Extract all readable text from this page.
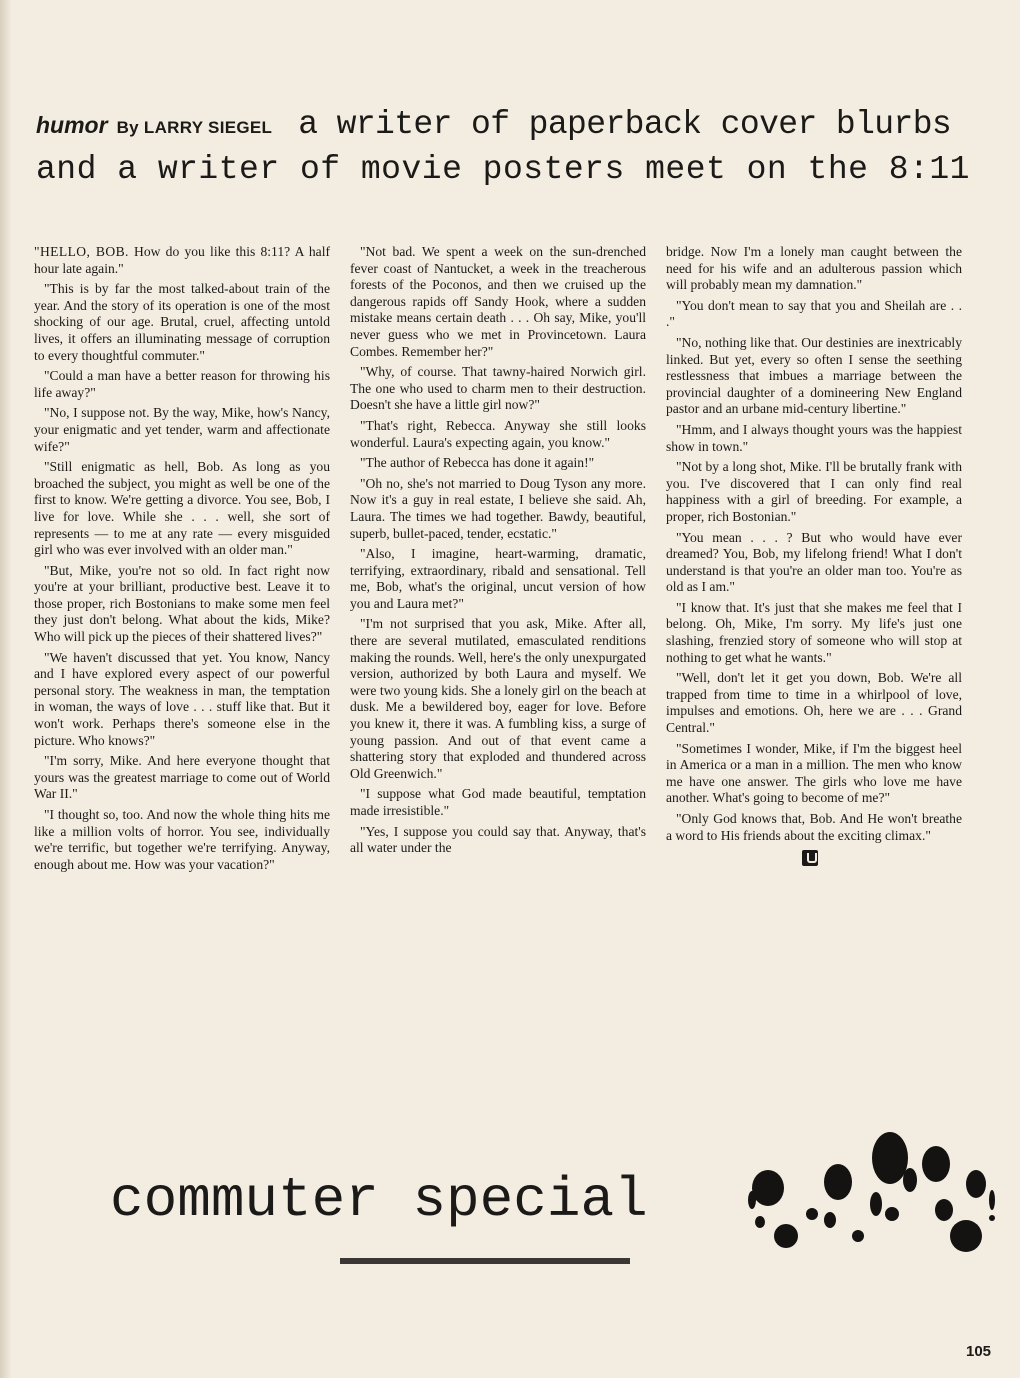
humor By LARRY SIEGEL a writer of paperback cover blurbs
and a writer of movie posters meet on the 8:11

"HELLO, BOB. How do you like this 8:11? A half hour late again."

"This is by far the most talked-about train of the year. And the story of its operation is one of the most shocking of our age. Brutal, cruel, affecting untold lives, it offers an illuminating message of corruption to every thoughtful commuter."

"Could a man have a better reason for throwing his life away?"

"No, I suppose not. By the way, Mike, how's Nancy, your enigmatic and yet tender, warm and affectionate wife?"

"Still enigmatic as hell, Bob. As long as you broached the subject, you might as well be one of the first to know. We're getting a divorce. You see, Bob, I live for love. While she . . . well, she sort of represents — to me at any rate — every misguided girl who was ever involved with an older man."

"But, Mike, you're not so old. In fact right now you're at your brilliant, productive best. Leave it to those proper, rich Bostonians to make some men feel they just don't belong. What about the kids, Mike? Who will pick up the pieces of their shattered lives?"

"We haven't discussed that yet. You know, Nancy and I have explored every aspect of our powerful personal story. The weakness in man, the temptation in woman, the ways of love . . . stuff like that. But it won't work. Perhaps there's someone else in the picture. Who knows?"

"I'm sorry, Mike. And here everyone thought that yours was the greatest marriage to come out of World War II."

"I thought so, too. And now the whole thing hits me like a million volts of horror. You see, individually we're terrific, but together we're terrifying. Anyway, enough about me. How was your vacation?"

"Not bad. We spent a week on the sun-drenched fever coast of Nantucket, a week in the treacherous forests of the Poconos, and then we cruised up the dangerous rapids off Sandy Hook, where a sudden mistake means certain death . . . Oh say, Mike, you'll never guess who we met in Provincetown. Laura Combes. Remember her?"

"Why, of course. That tawny-haired Norwich girl. The one who used to charm men to their destruction. Doesn't she have a little girl now?"

"That's right, Rebecca. Anyway she still looks wonderful. Laura's expecting again, you know."

"The author of Rebecca has done it again!"

"Oh no, she's not married to Doug Tyson any more. Now it's a guy in real estate, I believe she said. Ah, Laura. The times we had together. Bawdy, beautiful, superb, bullet-paced, tender, ecstatic."

"Also, I imagine, heart-warming, dramatic, terrifying, extraordinary, ribald and sensational. Tell me, Bob, what's the original, uncut version of how you and Laura met?"

"I'm not surprised that you ask, Mike. After all, there are several mutilated, emasculated renditions making the rounds. Well, here's the only unexpurgated version, authorized by both Laura and myself. We were two young kids. She a lonely girl on the beach at dusk. Me a bewildered boy, eager for love. Before you knew it, there it was. A fumbling kiss, a surge of young passion. And out of that event came a shattering story that exploded and thundered across Old Greenwich."

"I suppose what God made beautiful, temptation made irresistible."

"Yes, I suppose you could say that. Anyway, that's all water under the

bridge. Now I'm a lonely man caught between the need for his wife and an adulterous passion which will probably mean my damnation."

"You don't mean to say that you and Sheilah are . . ."

"No, nothing like that. Our destinies are inextricably linked. But yet, every so often I sense the seething restlessness that imbues a marriage between the provincial daughter of a domineering New England pastor and an urbane mid-century libertine."

"Hmm, and I always thought yours was the happiest show in town."

"Not by a long shot, Mike. I'll be brutally frank with you. I've discovered that I can only find real happiness with a girl of breeding. For example, a proper, rich Bostonian."

"You mean . . . ? But who would have ever dreamed? You, Bob, my lifelong friend! What I don't understand is that you're an older man too. You're as old as I am."

"I know that. It's just that she makes me feel that I belong. Oh, Mike, I'm sorry. My life's just one slashing, frenzied story of someone who will stop at nothing to get what he wants."

"Well, don't let it get you down, Bob. We're all trapped from time to time in a whirlpool of love, impulses and emotions. Oh, here we are . . . Grand Central."

"Sometimes I wonder, Mike, if I'm the biggest heel in America or a man in a million. The men who know me have one answer. The girls who love me have another. What's going to become of me?"

"Only God knows that, Bob. And He won't breathe a word to His friends about the exciting climax."

commuter special
105
